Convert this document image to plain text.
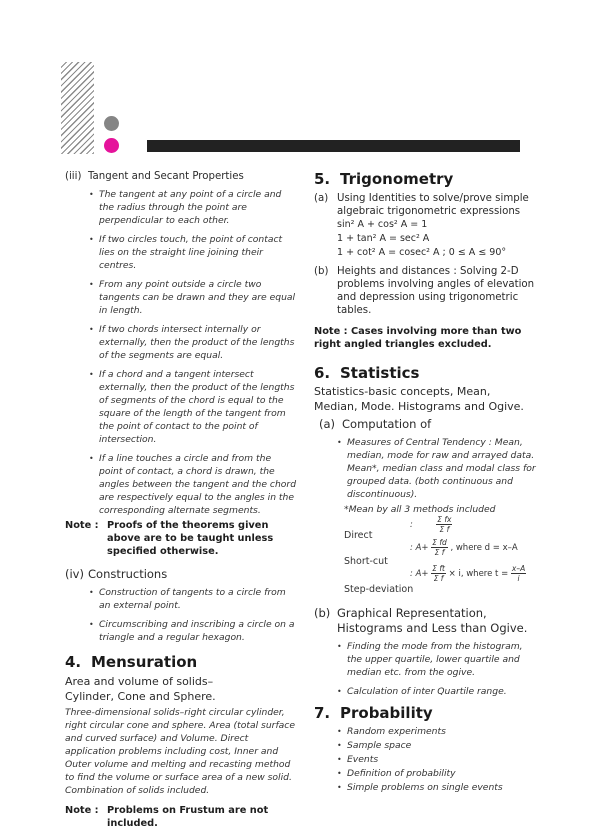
(iii) Tangent and Secant Properties
• The tangent at any point of a circle and the radius through the point are perpendicular to each other.
• If two circles touch, the point of contact lies on the straight line joining their centres.
• From any point outside a circle two tangents can be drawn and they are equal in length.
• If two chords intersect internally or externally, then the product of the lengths of the segments are equal.
• If a chord and a tangent intersect externally, then the product of the lengths of segments of the chord is equal to the square of the length of the tangent from the point of contact to the point of intersection.
• If a line touches a circle and from the point of contact, a chord is drawn, the angles between the tangent and the chord are respectively equal to the angles in the corresponding alternate segments.
Note : Proofs of the theorems given above are to be taught unless specified otherwise.
(iv) Constructions
• Construction of tangents to a circle from an external point.
• Circumscribing and inscribing a circle on a triangle and a regular hexagon.
4. Mensuration
Area and volume of solids–Cylinder, Cone and Sphere.
Three-dimensional solids–right circular cylinder, right circular cone and sphere. Area (total surface and curved surface) and Volume. Direct application problems including cost, Inner and Outer volume and melting and recasting method to find the volume or surface area of a new solid. Combination of solids included.
Note : Problems on Frustum are not included.
5. Trigonometry
(a) Using Identities to solve/prove simple algebraic trigonometric expressions
sin² A + cos² A = 1
1 + tan² A = sec² A
1 + cot² A = cosec² A ; 0 ≤ A ≤ 90°
(b) Heights and distances : Solving 2-D problems involving angles of elevation and depression using trigonometric tables.
Note : Cases involving more than two right angled triangles excluded.
6. Statistics
Statistics-basic concepts, Mean, Median, Mode. Histograms and Ogive.
(a) Computation of
• Measures of Central Tendency : Mean, median, mode for raw and arrayed data. Mean*, median class and modal class for grouped data. (both continuous and discontinuous).
*Mean by all 3 methods included
Direct
Short-cut
Step-deviation
:	$\frac{\text{Σ fx}}{\text{Σ f}}$
: $A+ \frac{\text{Σ fd}}{\text{Σ f}}$ , where d = x–A
: $A+ \frac{\text{Σ ft}}{\text{Σ f}} \times i$, where $t = \frac{x-A}{i}$
(b) Graphical Representation, Histograms and Less than Ogive.
• Finding the mode from the histogram, the upper quartile, lower quartile and median etc. from the ogive.
• Calculation of inter Quartile range.
7. Probability
• Random experiments
• Sample space
• Events
• Definition of probability
• Simple problems on single events
